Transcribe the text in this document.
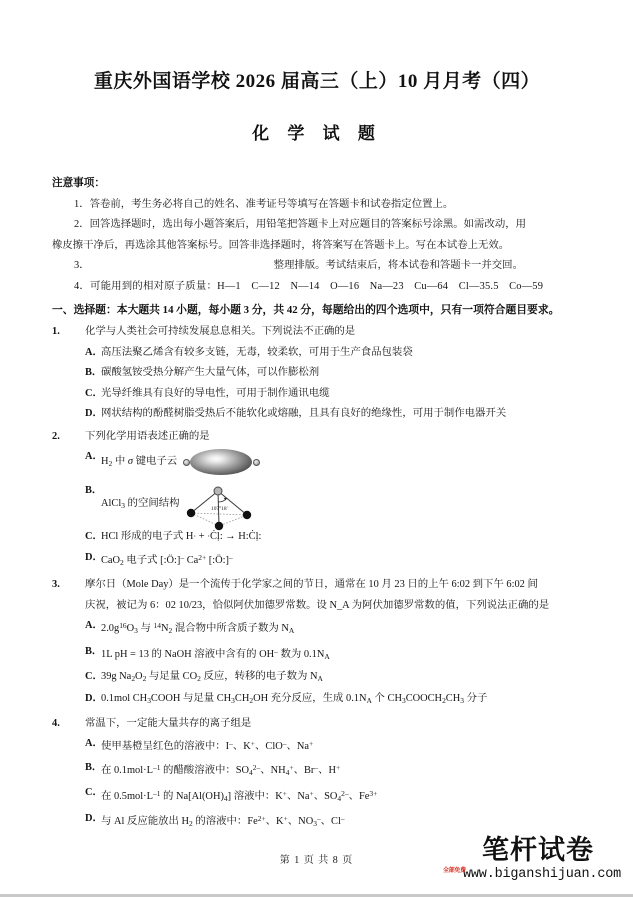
重庆外国语学校 2026 届高三（上）10 月月考（四）
化 学 试 题
注意事项：
1．答卷前，考生务必将自己的姓名、准考证号等填写在答题卡和试卷指定位置上。
2．回答选择题时，选出每小题答案后，用铅笔把答题卡上对应题目的答案标号涂黑。如需改动，用
橡皮擦干净后，再选涂其他答案标号。回答非选择题时，将答案写在答题卡上。写在本试卷上无效。
3．	整理排版。考试结束后，将本试卷和答题卡一并交回。
4．可能用到的相对原子质量：H—1　C—12　N—14　O—16　Na—23　Cu—64　Cl—35.5　Co—59
一、选择题：本大题共 14 小题，每小题 3 分，共 42 分，每题给出的四个选项中，只有一项符合题目要求。
1. 化学与人类社会可持续发展息息相关。下列说法不正确的是
A．
高压法聚乙烯含有较多支链，无毒，较柔软，可用于生产食品包装袋
B．
碳酸氢铵受热分解产生大量气体，可以作膨松剂
C．
光导纤维具有良好的导电性，可用于制作通讯电缆
D．
网状结构的酚醛树脂受热后不能软化或熔融，且具有良好的绝缘性，可用于制作电器开关
2. 下列化学用语表述正确的是
A．
$H_2$ 中 σ 键电子云
B．
AlCl$_3$ 的空间结构	107°18′
C．
HCl 形成的电子式 H· + ·Ċḷ: → H:Ċḷ:
D．
CaO$_2$ 电子式 [:Ö:]– $Ca^{2+}$ [:Ö:]–
3. 摩尔日（Mole Day）是一个流传于化学家之间的节日，通常在 10 月 23 日的上午 6:02 到下午 6:02 间
庆祝，被记为 6：02 10/23，恰似阿伏加德罗常数。设 N_A 为阿伏加德罗常数的值，下列说法正确的是
A．
$2.0g^{16}O_3$ 与 $^{14}N_2$ 混合物中所含质子数为 $N_A$
B．
1L pH = 13 的 NaOH 溶液中含有的 OH– 数为 $0.1N_A$
C．
39g $Na_2O_2$ 与足量 $CO_2$ 反应，转移的电子数为 $N_A$
D．
0.1mol $CH_3COOH$ 与足量 $CH_3CH_2OH$ 充分反应，生成 $0.1N_A$ 个 $CH_3COOCH_2CH_3$ 分子
4. 常温下，一定能大量共存的离子组是
A．
使甲基橙呈红色的溶液中：I–、K+、ClO–、Na+
B．
在 $0.1mol\cdot L^{-1}$ 的醋酸溶液中：$SO_4^{2-}$、$NH_4^+$、Br–、H+
C．
在 $0.5mol\cdot L^{-1}$ 的 $Na[Al(OH)_4]$ 溶液中：K+、Na+、$SO_4^{2-}$、$Fe^{3+}$
D．
与 Al 反应能放出 $H_2$ 的溶液中：$Fe^{2+}$、K+、$NO_3^-$、Cl–
第 1 页 共 8 页	笔杆试卷
全部免费
www.biganshijuan.com
